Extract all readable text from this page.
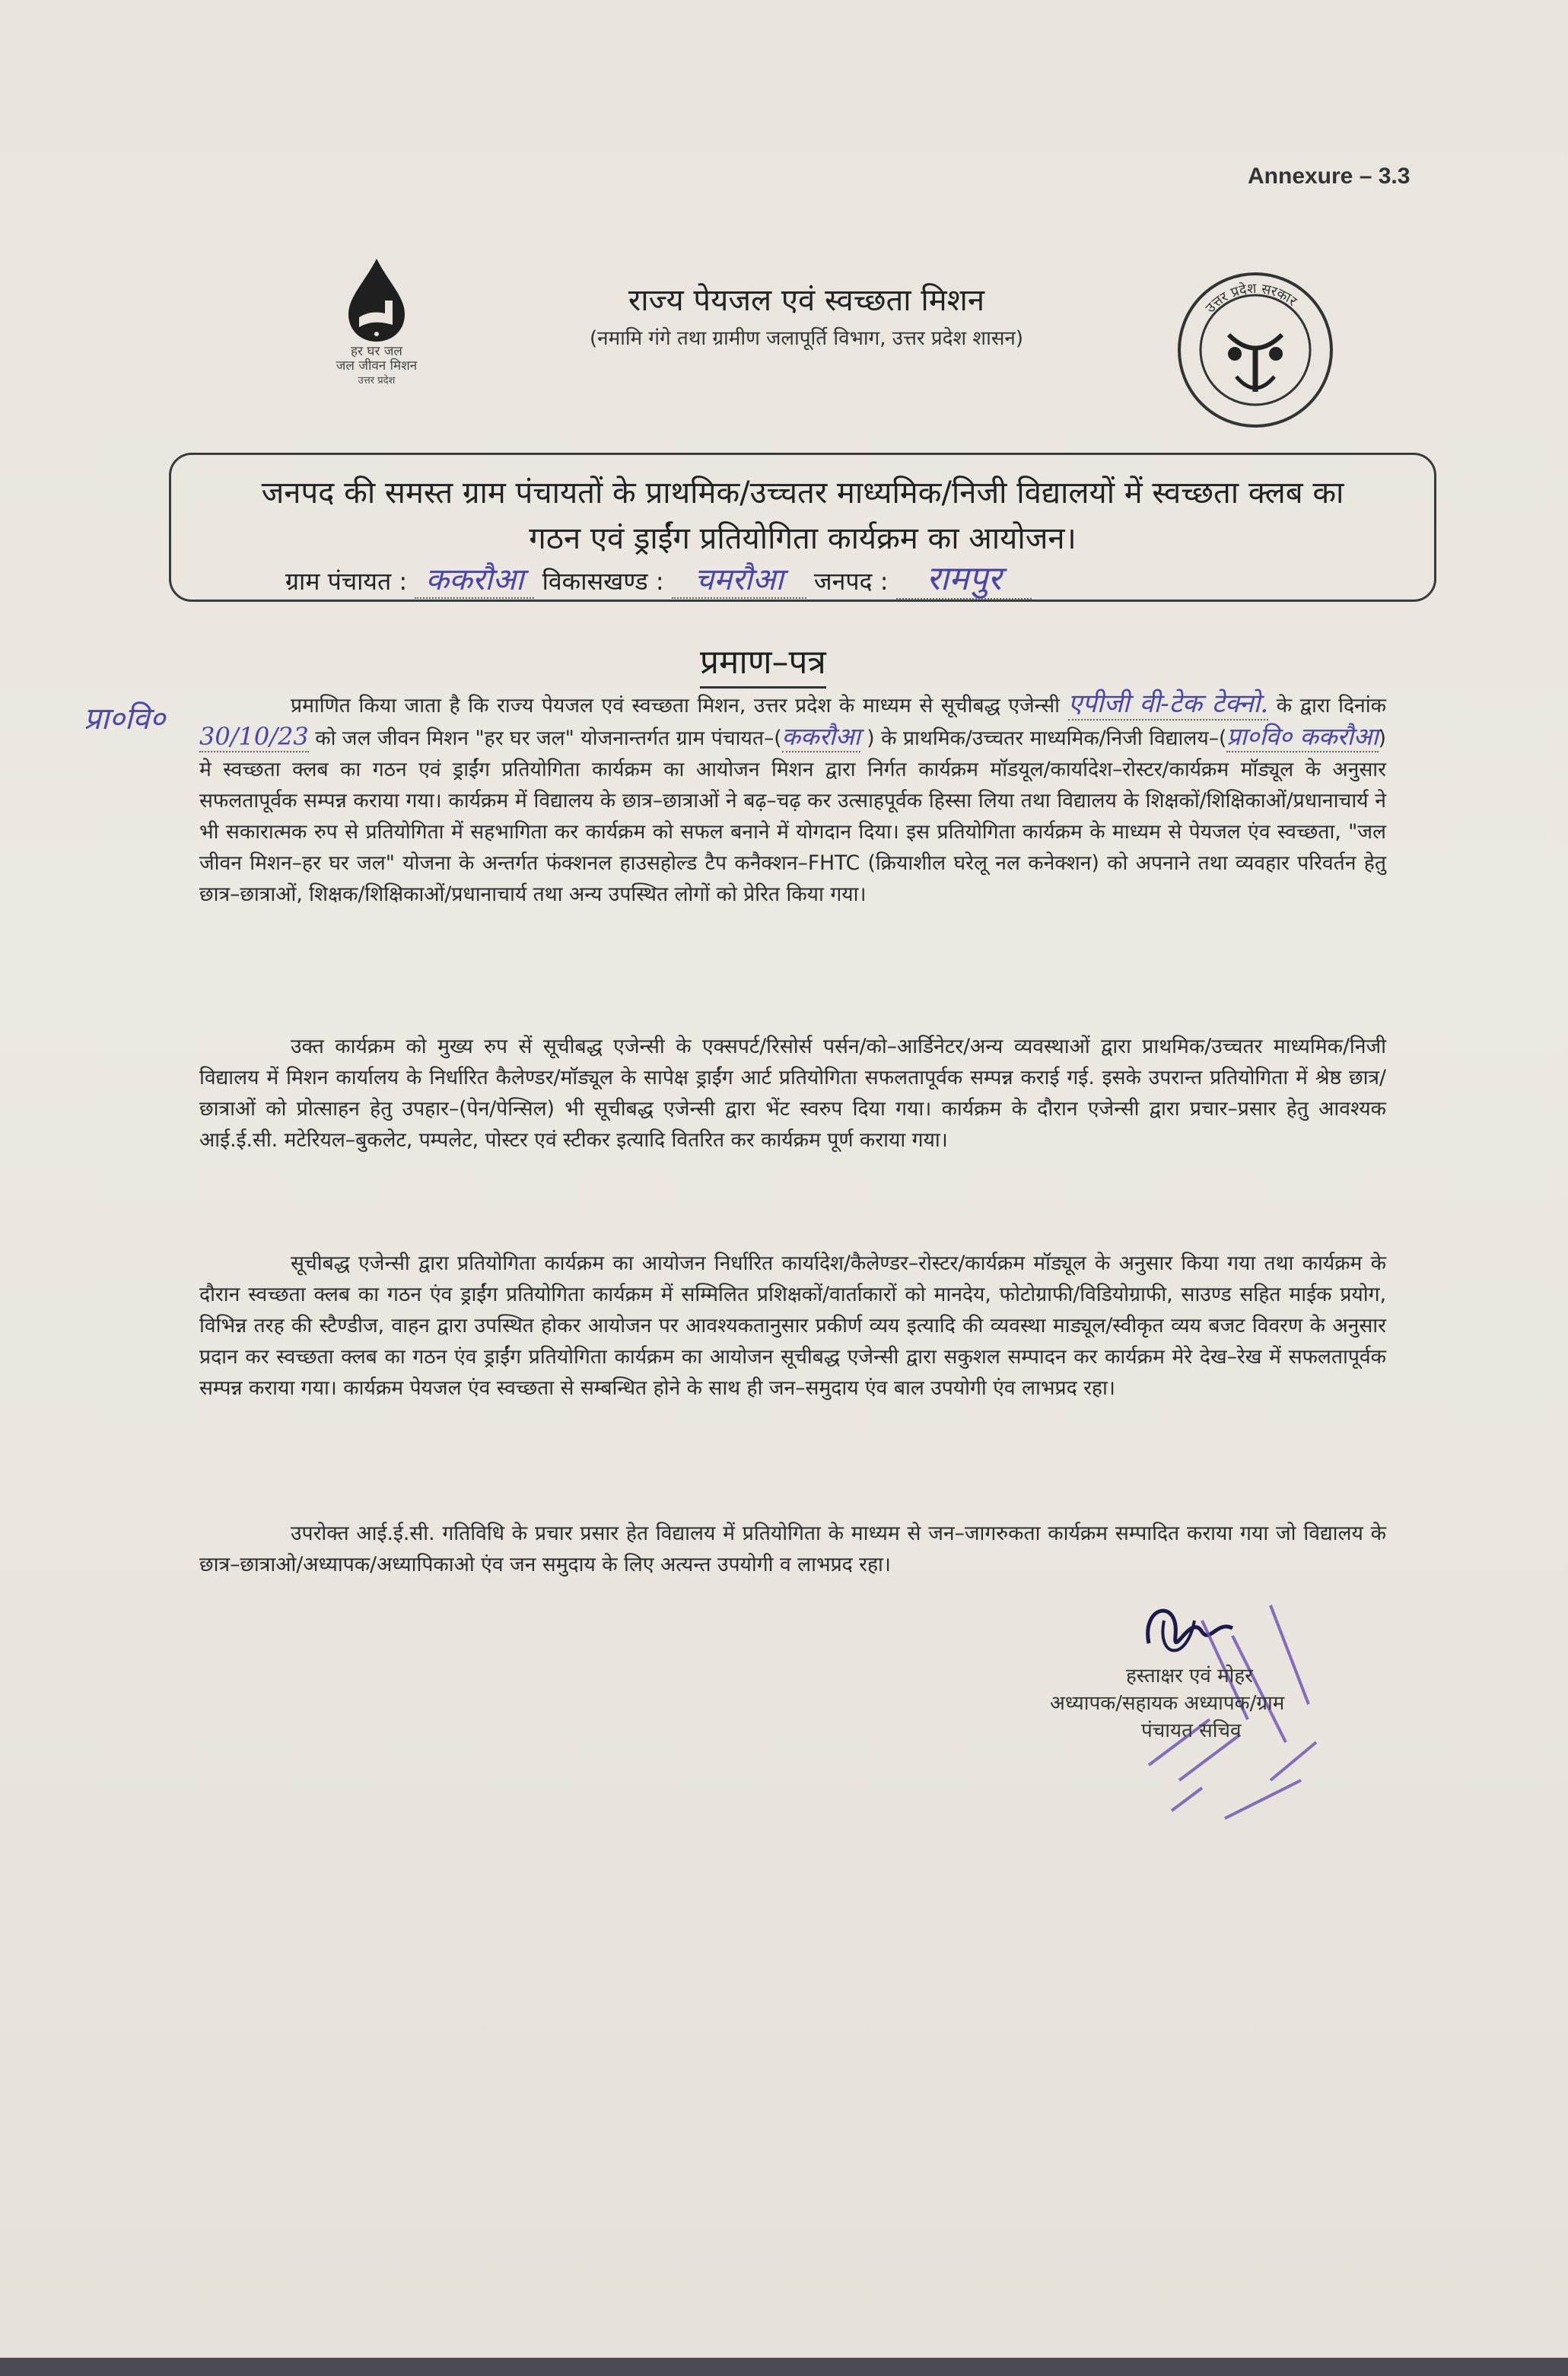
Annexure – 3.3
हर घर जल
जल जीवन मिशन
उत्तर प्रदेश
राज्य पेयजल एवं स्वच्छता मिशन
(नमामि गंगे तथा ग्रामीण जलापूर्ति विभाग, उत्तर प्रदेश शासन)
उत्तर प्रदेश सरकार
जनपद की समस्त ग्राम पंचायतों के प्राथमिक/उच्चतर माध्यमिक/निजी विद्यालयों में स्वच्छता क्लब का
गठन एवं ड्राईंग प्रतियोगिता कार्यक्रम का आयोजन।
ग्राम पंचायत : ककरौआ विकासखण्ड : चमरौआ जनपद : रामपुर
प्रमाण–पत्र
प्रा०वि०	प्रमाणित किया जाता है कि राज्य पेयजल एवं स्वच्छता मिशन, उत्तर प्रदेश के माध्यम से सूचीबद्ध एजेन्सी एपीजी वी-टेक टेक्नो. के द्वारा दिनांक 30/10/23 को जल जीवन मिशन "हर घर जल" योजनान्तर्गत ग्राम पंचायत–(ककरौआ ) के प्राथमिक/उच्चतर माध्यमिक/निजी विद्यालय–(प्रा०वि० ककरौआ) मे स्वच्छता क्लब का गठन एवं ड्राईंग प्रतियोगिता कार्यक्रम का आयोजन मिशन द्वारा निर्गत कार्यक्रम मॉडयूल/कार्यादेश–रोस्टर/कार्यक्रम मॉड्यूल के अनुसार सफलतापूर्वक सम्पन्न कराया गया। कार्यक्रम में विद्यालय के छात्र–छात्राओं ने बढ़–चढ़ कर उत्साहपूर्वक हिस्सा लिया तथा विद्यालय के शिक्षकों/शिक्षिकाओं/प्रधानाचार्य ने भी सकारात्मक रुप से प्रतियोगिता में सहभागिता कर कार्यक्रम को सफल बनाने में योगदान दिया। इस प्रतियोगिता कार्यक्रम के माध्यम से पेयजल एंव स्वच्छता, "जल जीवन मिशन–हर घर जल" योजना के अन्तर्गत फंक्शनल हाउसहोल्ड टैप कनैक्शन–FHTC (क्रियाशील घरेलू नल कनेक्शन) को अपनाने तथा व्यवहार परिवर्तन हेतु छात्र–छात्राओं, शिक्षक/शिक्षिकाओं/प्रधानाचार्य तथा अन्य उपस्थित लोगों को प्रेरित किया गया।
उक्त कार्यक्रम को मुख्य रुप सें सूचीबद्ध एजेन्सी के एक्सपर्ट/रिसोर्स पर्सन/को–आर्डिनेटर/अन्य व्यवस्थाओं द्वारा प्राथमिक/उच्चतर माध्यमिक/निजी विद्यालय में मिशन कार्यालय के निर्धारित कैलेण्डर/मॉड्यूल के सापेक्ष ड्राईंग आर्ट प्रतियोगिता सफलतापूर्वक सम्पन्न कराई गई. इसके उपरान्त प्रतियोगिता में श्रेष्ठ छात्र/छात्राओं को प्रोत्साहन हेतु उपहार–(पेन/पेन्सिल) भी सूचीबद्ध एजेन्सी द्वारा भेंट स्वरुप दिया गया। कार्यक्रम के दौरान एजेन्सी द्वारा प्रचार–प्रसार हेतु आवश्यक आई.ई.सी. मटेरियल–बुकलेट, पम्पलेट, पोस्टर एवं स्टीकर इत्यादि वितरित कर कार्यक्रम पूर्ण कराया गया।
सूचीबद्ध एजेन्सी द्वारा प्रतियोगिता कार्यक्रम का आयोजन निर्धारित कार्यादेश/कैलेण्डर–रोस्टर/कार्यक्रम मॉड्यूल के अनुसार किया गया तथा कार्यक्रम के दौरान स्वच्छता क्लब का गठन एंव ड्राईंग प्रतियोगिता कार्यक्रम में सम्मिलित प्रशिक्षकों/वार्ताकारों को मानदेय, फोटोग्राफी/विडियोग्राफी, साउण्ड सहित माईक प्रयोग, विभिन्न तरह की स्टैण्डीज, वाहन द्वारा उपस्थित होकर आयोजन पर आवश्यकतानुसार प्रकीर्ण व्यय इत्यादि की व्यवस्था माड्यूल/स्वीकृत व्यय बजट विवरण के अनुसार प्रदान कर स्वच्छता क्लब का गठन एंव ड्राईंग प्रतियोगिता कार्यक्रम का आयोजन सूचीबद्ध एजेन्सी द्वारा सकुशल सम्पादन कर कार्यक्रम मेरे देख–रेख में सफलतापूर्वक सम्पन्न कराया गया। कार्यक्रम पेयजल एंव स्वच्छता से सम्बन्धित होने के साथ ही जन–समुदाय एंव बाल उपयोगी एंव लाभप्रद रहा।
उपरोक्त आई.ई.सी. गतिविधि के प्रचार प्रसार हेत विद्यालय में प्रतियोगिता के माध्यम से जन–जागरुकता कार्यक्रम सम्पादित कराया गया जो विद्यालय के छात्र–छात्राओ/अध्यापक/अध्यापिकाओ एंव जन समुदाय के लिए अत्यन्त उपयोगी व लाभप्रद रहा।
हस्ताक्षर एवं मोहर
अध्यापक/सहायक अध्यापक/ग्राम
पंचायत सचिव
